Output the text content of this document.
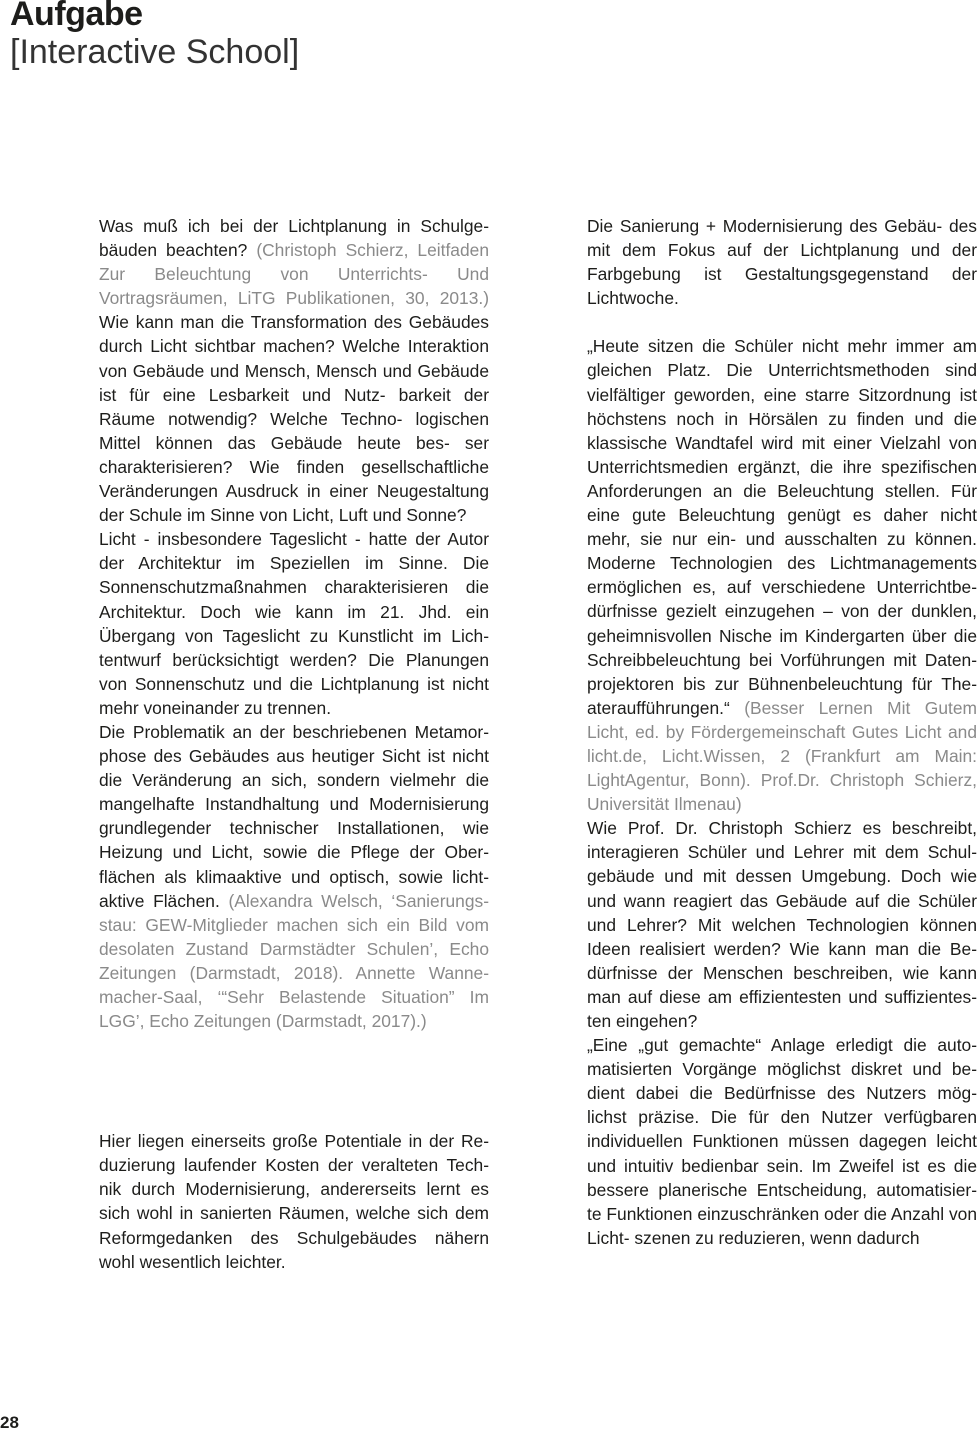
Aufgabe
[Interactive School]

Was muß ich bei der Lichtplanung in Schulge- bäuden beachten? (Christoph Schierz, Leitfaden Zur Beleuchtung von Unterrichts- Und Vortragsräumen, LiTG Publikationen, 30, 2013.) Wie kann man die Transformation des Gebäudes durch Licht sichtbar machen? Welche Interaktion von Gebäude und Mensch, Mensch und Gebäude ist für eine Lesbarkeit und Nutz- barkeit der Räume notwendig? Welche Techno- logischen Mittel können das Gebäude heute bes- ser charakterisieren? Wie finden gesellschaftliche Veränderungen Ausdruck in einer Neugestaltung der Schule im Sinne von Licht, Luft und Sonne?

Licht - insbesondere Tageslicht - hatte der Autor der Architektur im Speziellen im Sinne. Die Sonnenschutzmaßnahmen charakterisieren die Architektur. Doch wie kann im 21. Jhd. ein Übergang von Tageslicht zu Kunstlicht im Lich- tentwurf berücksichtigt werden? Die Planungen von Sonnenschutz und die Lichtplanung ist nicht mehr voneinander zu trennen.

Die Problematik an der beschriebenen Metamor- phose des Gebäudes aus heutiger Sicht ist nicht die Veränderung an sich, sondern vielmehr die mangelhafte Instandhaltung und Modernisierung grundlegender technischer Installationen, wie Heizung und Licht, sowie die Pflege der Ober- flächen als klimaaktive und optisch, sowie licht- aktive Flächen. (Alexandra Welsch, ‘Sanierungs- stau: GEW-Mitglieder machen sich ein Bild vom desolaten Zustand Darmstädter Schulen’, Echo Zeitungen (Darmstadt, 2018). Annette Wanne- macher-Saal, ‘“Sehr Belastende Situation” Im LGG’, Echo Zeitungen (Darmstadt, 2017).)

Hier liegen einerseits große Potentiale in der Re- duzierung laufender Kosten der veralteten Tech- nik durch Modernisierung, andererseits lernt es sich wohl in sanierten Räumen, welche sich dem Reformgedanken des Schulgebäudes nähern wohl wesentlich leichter.

Die Sanierung + Modernisierung des Gebäu- des mit dem Fokus auf der Lichtplanung und der Farbgebung ist Gestaltungsgegenstand der Lichtwoche.

„Heute sitzen die Schüler nicht mehr immer am gleichen Platz. Die Unterrichtsmethoden sind vielfältiger geworden, eine starre Sitzordnung ist höchstens noch in Hörsälen zu finden und die klassische Wandtafel wird mit einer Vielzahl von Unterrichtsmedien ergänzt, die ihre spezifischen Anforderungen an die Beleuchtung stellen. Für eine gute Beleuchtung genügt es daher nicht mehr, sie nur ein- und ausschalten zu können. Moderne Technologien des Lichtmanagements ermöglichen es, auf verschiedene Unterrichtbe- dürfnisse gezielt einzugehen – von der dunklen, geheimnisvollen Nische im Kindergarten über die Schreibbeleuchtung bei Vorführungen mit Daten- projektoren bis zur Bühnenbeleuchtung für The- ateraufführungen.“ (Besser Lernen Mit Gutem Licht, ed. by Fördergemeinschaft Gutes Licht and licht.de, Licht.Wissen, 2 (Frankfurt am Main: LightAgentur, Bonn). Prof.Dr. Christoph Schierz, Universität Ilmenau)

Wie Prof. Dr. Christoph Schierz es beschreibt, interagieren Schüler und Lehrer mit dem Schul- gebäude und mit dessen Umgebung. Doch wie und wann reagiert das Gebäude auf die Schüler und Lehrer? Mit welchen Technologien können Ideen realisiert werden? Wie kann man die Be- dürfnisse der Menschen beschreiben, wie kann man auf diese am effizientesten und suffizientes- ten eingehen?

„Eine „gut gemachte“ Anlage erledigt die auto- matisierten Vorgänge möglichst diskret und be- dient dabei die Bedürfnisse des Nutzers mög- lichst präzise. Die für den Nutzer verfügbaren individuellen Funktionen müssen dagegen leicht und intuitiv bedienbar sein. Im Zweifel ist es die bessere planerische Entscheidung, automatisier- te Funktionen einzuschränken oder die Anzahl von Licht- szenen zu reduzieren, wenn dadurch

28
